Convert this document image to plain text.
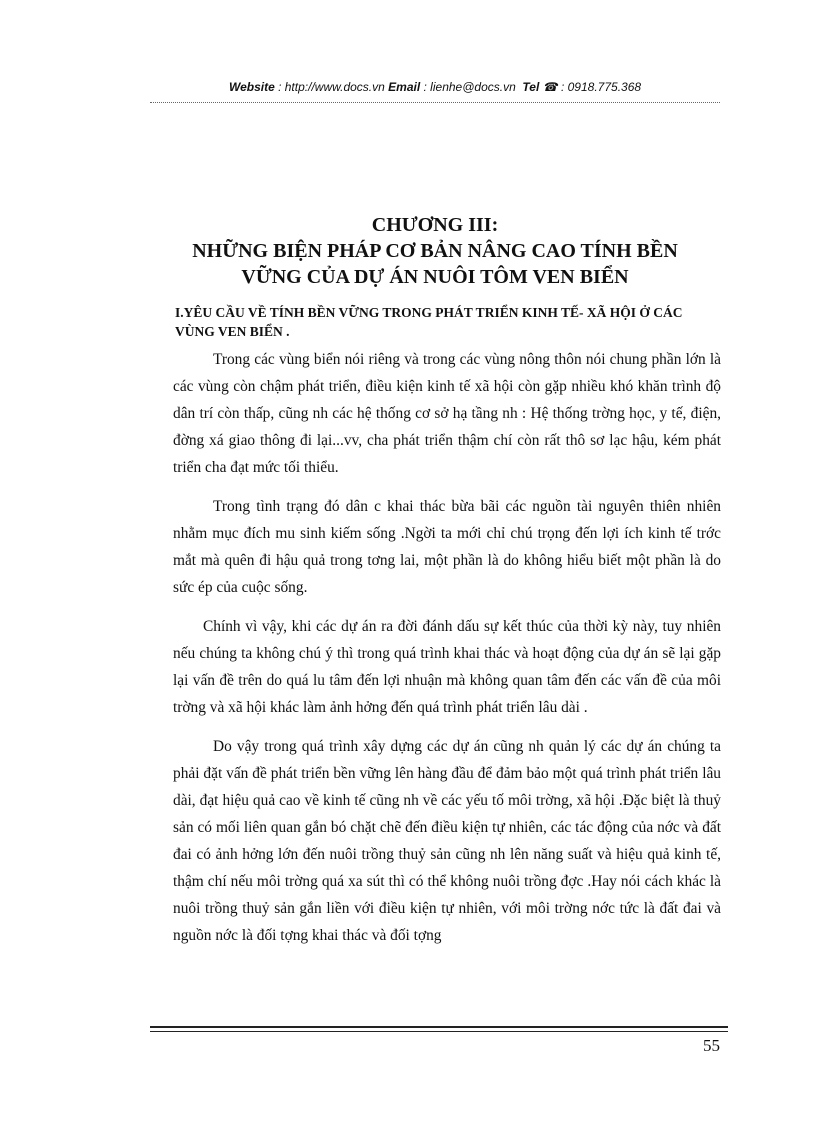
Website : http://www.docs.vn Email : lienhe@docs.vn Tel ☎ : 0918.775.368
CHƯƠNG III:
NHỮNG BIỆN PHÁP CƠ BẢN NÂNG CAO TÍNH BỀN
VỮNG CỦA DỰ ÁN NUÔI TÔM VEN BIỂN
I.YÊU CẦU VỀ TÍNH BỀN VỮNG TRONG PHÁT TRIỂN KINH TẾ- XÃ HỘI Ở CÁC VÙNG VEN BIỂN .

Trong các vùng biển nói riêng và trong các vùng nông thôn nói chung phần lớn là các vùng còn chậm phát triển, điều kiện kinh tế xã hội còn gặp nhiều khó khăn trình độ dân trí còn thấp, cũng nh các hệ thống cơ sở hạ tầng nh : Hệ thống trờng học, y tế, điện, đờng xá giao thông đi lại...vv, cha phát triển thậm chí còn rất thô sơ lạc hậu, kém phát triển cha đạt mức tối thiểu.

Trong tình trạng đó dân c khai thác bừa bãi các nguồn tài nguyên thiên nhiên nhằm mục đích mu sinh kiếm sống .Ngời ta mới chỉ chú trọng đến lợi ích kinh tế trớc mắt mà quên đi hậu quả trong tơng lai, một phần là do không hiểu biết một phần là do sức ép của cuộc sống.

Chính vì vậy, khi các dự án ra đời đánh dấu sự kết thúc của thời kỳ này, tuy nhiên nếu chúng ta không chú ý thì trong quá trình khai thác và hoạt động của dự án sẽ lại gặp lại vấn đề trên do quá lu tâm đến lợi nhuận mà không quan tâm đến các vấn đề của môi trờng và xã hội khác làm ảnh hởng đến quá trình phát triển lâu dài .

Do vậy trong quá trình xây dựng các dự án cũng nh quản lý các dự án chúng ta phải đặt vấn đề phát triển bền vững lên hàng đầu để đảm bảo một quá trình phát triển lâu dài, đạt hiệu quả cao về kinh tế cũng nh về các yếu tố môi trờng, xã hội .Đặc biệt là thuỷ sản có mối liên quan gắn bó chặt chẽ đến điều kiện tự nhiên, các tác động của nớc và đất đai có ảnh hởng lớn đến nuôi trồng thuỷ sản cũng nh lên năng suất và hiệu quả kinh tế, thậm chí nếu môi trờng quá xa sút thì có thể không nuôi trồng đợc .Hay nói cách khác là nuôi trồng thuỷ sản gắn liền với điều kiện tự nhiên, với môi trờng nớc tức là đất đai và nguồn nớc là đối tợng khai thác và đối tợng

55
